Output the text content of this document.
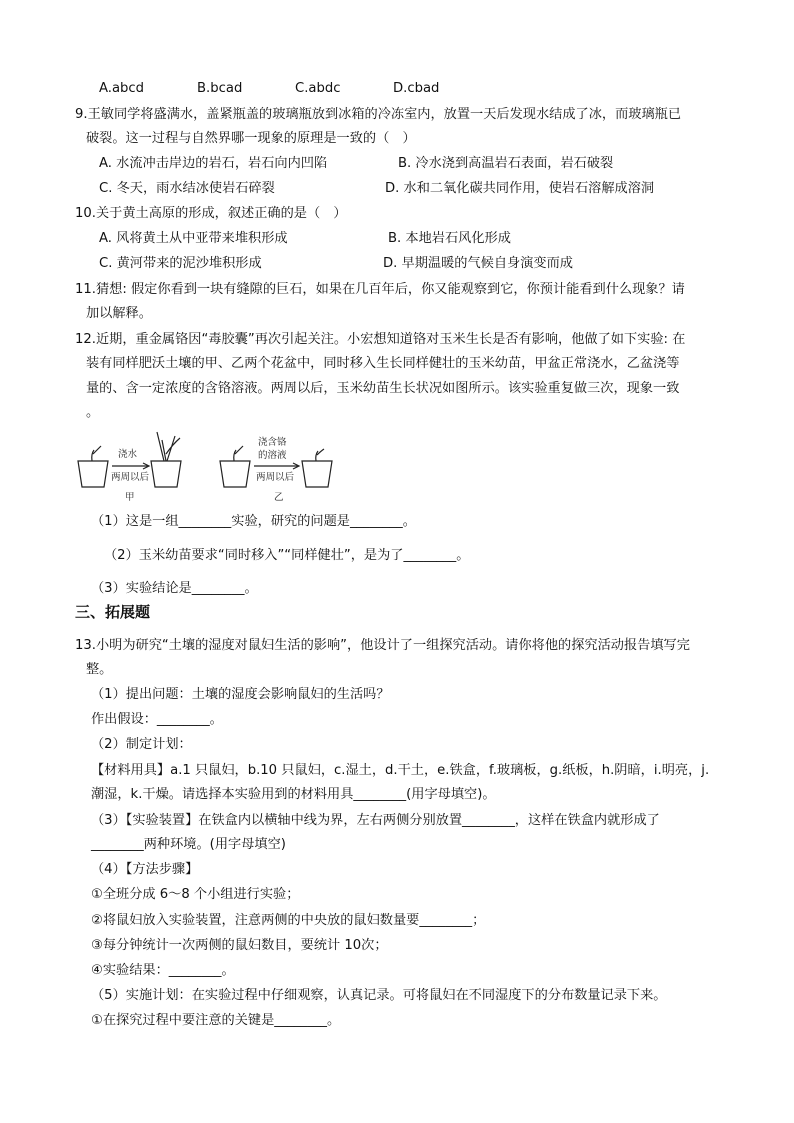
A.abcd	B.bcad	C.abdc	D.cbad
9.王敏同学将盛满水，盖紧瓶盖的玻璃瓶放到冰箱的冷冻室内，放置一天后发现水结成了冰，而玻璃瓶已
破裂。这一过程与自然界哪一现象的原理是一致的（　）
A. 水流冲击岸边的岩石，岩石向内凹陷	B. 冷水浇到高温岩石表面，岩石破裂
C. 冬天，雨水结冰使岩石碎裂	D. 水和二氧化碳共同作用，使岩石溶解成溶洞
10.关于黄土高原的形成，叙述正确的是（　）
A. 风将黄土从中亚带来堆积形成	B. 本地岩石风化形成
C. 黄河带来的泥沙堆积形成	D. 早期温暖的气候自身演变而成
11.猜想: 假定你看到一块有缝隙的巨石，如果在几百年后，你又能观察到它，你预计能看到什么现象？请
加以解释。
12.近期，重金属铬因“毒胶囊”再次引起关注。小宏想知道铬对玉米生长是否有影响，他做了如下实验: 在
装有同样肥沃土壤的甲、乙两个花盆中，同时移入生长同样健壮的玉米幼苗，甲盆正常浇水，乙盆浇等
量的、含一定浓度的含铬溶液。两周以后，玉米幼苗生长状况如图所示。该实验重复做三次，现象一致
。
浇水
两周以后
甲
浇含铬
的溶液
两周以后
乙
（1）这是一组________实验，研究的问题是________。
（2）玉米幼苗要求“同时移入”“同样健壮”，是为了________。
（3）实验结论是________。
三、拓展题
13.小明为研究“土壤的湿度对鼠妇生活的影响”，他设计了一组探究活动。请你将他的探究活动报告填写完
整。
（1）提出问题：土壤的湿度会影响鼠妇的生活吗？
作出假设：________。
（2）制定计划：
【材料用具】a.1 只鼠妇，b.10 只鼠妇，c.湿土，d.干土，e.铁盒，f.玻璃板，g.纸板，h.阴暗，i.明亮，j.
潮湿，k.干燥。请选择本实验用到的材料用具________(用字母填空)。
（3）【实验装置】在铁盒内以横轴中线为界，左右两侧分别放置________，这样在铁盒内就形成了
________两种环境。(用字母填空)
（4）【方法步骤】
①全班分成 6～8 个小组进行实验；
②将鼠妇放入实验装置，注意两侧的中央放的鼠妇数量要________；
③每分钟统计一次两侧的鼠妇数目，要统计 10次；
④实验结果：________。
（5）实施计划：在实验过程中仔细观察，认真记录。可将鼠妇在不同湿度下的分布数量记录下来。
①在探究过程中要注意的关键是________。
